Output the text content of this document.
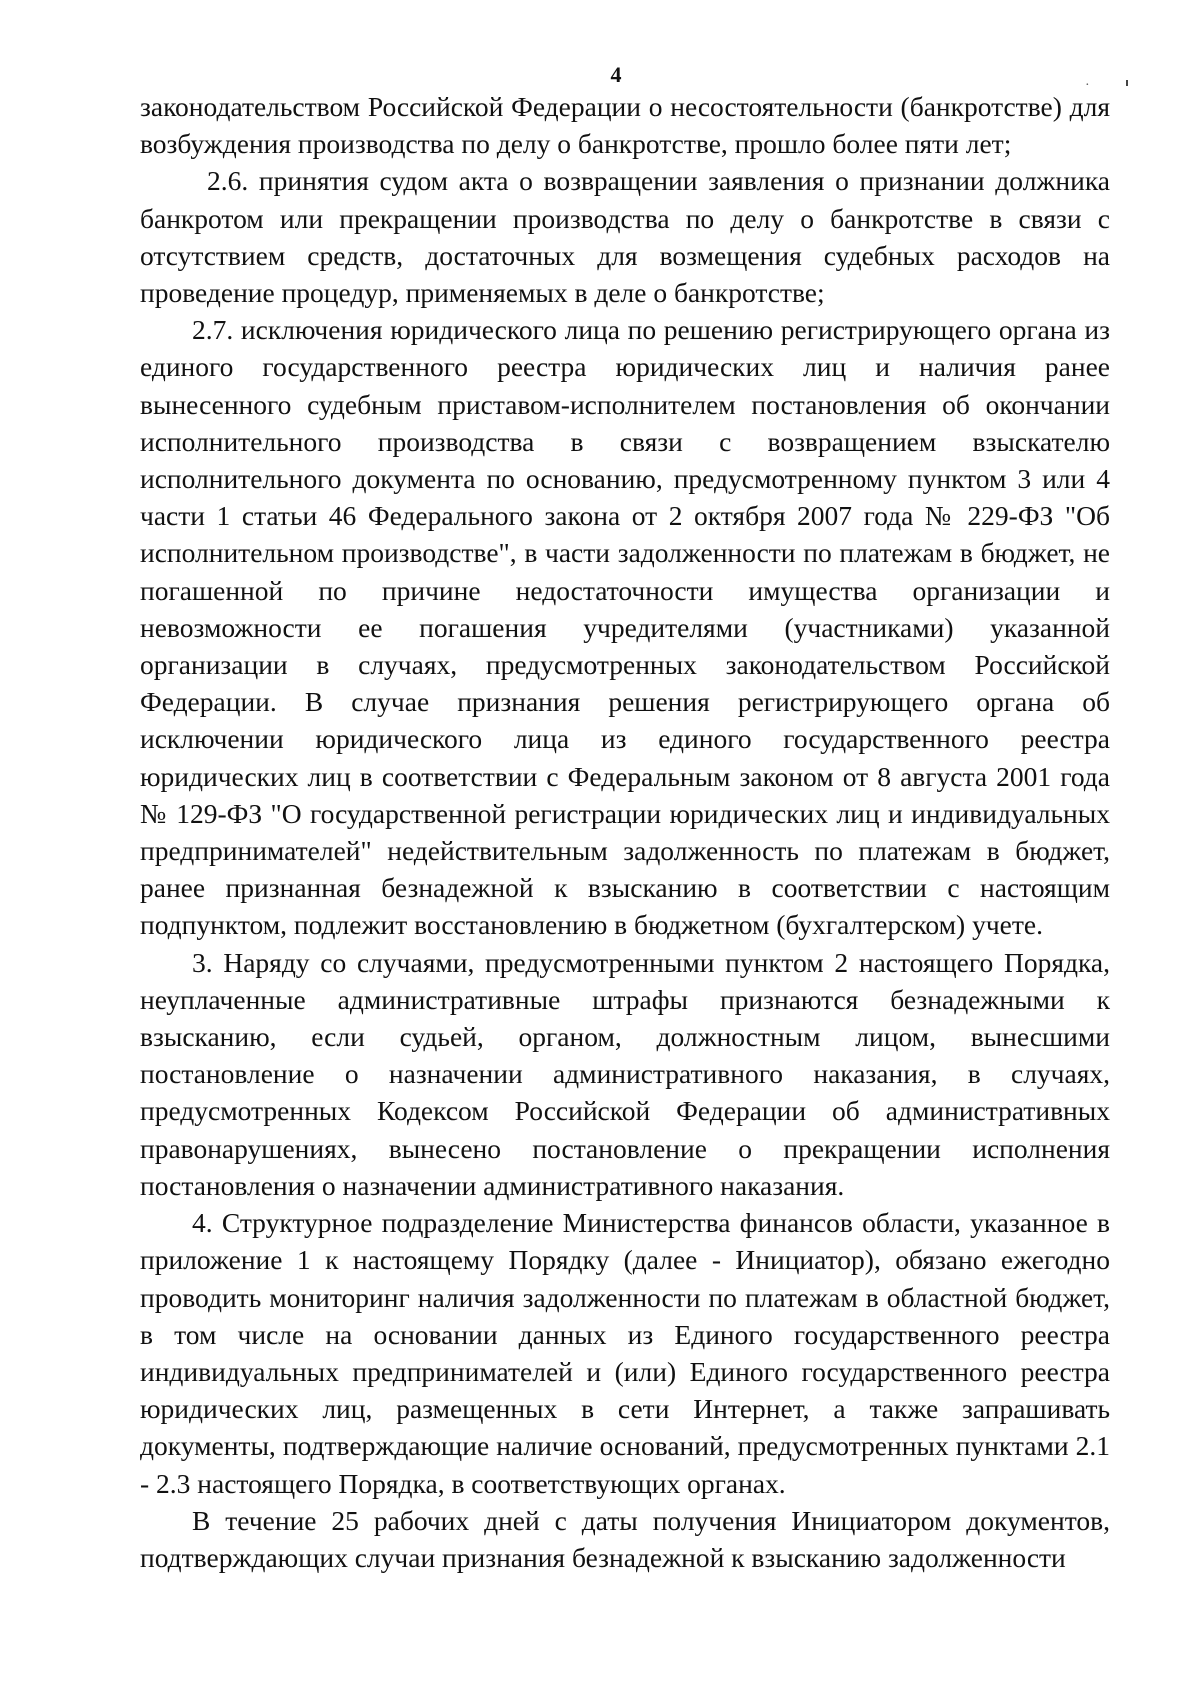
4	·

законодательством Российской Федерации о несостоятельности (банкротстве) для возбуждения производства по делу о банкротстве, прошло более пяти лет;

2.6. принятия судом акта о возвращении заявления о признании должника банкротом или прекращении производства по делу о банкротстве в связи с отсутствием средств, достаточных для возмещения судебных расходов на проведение процедур, применяемых в деле о банкротстве;

2.7. исключения юридического лица по решению регистрирующего органа из единого государственного реестра юридических лиц и наличия ранее вынесенного судебным приставом-исполнителем постановления об окончании исполнительного производства в связи с возвращением взыскателю исполнительного документа по основанию, предусмотренному пунктом 3 или 4 части 1 статьи 46 Федерального закона от 2 октября 2007 года № 229-ФЗ "Об исполнительном производстве", в части задолженности по платежам в бюджет, не погашенной по причине недостаточности имущества организации и невозможности ее погашения учредителями (участниками) указанной организации в случаях, предусмотренных законодательством Российской Федерации. В случае признания решения регистрирующего органа об исключении юридического лица из единого государственного реестра юридических лиц в соответствии с Федеральным законом от 8 августа 2001 года № 129-ФЗ "О государственной регистрации юридических лиц и индивидуальных предпринимателей" недействительным задолженность по платежам в бюджет, ранее признанная безнадежной к взысканию в соответствии с настоящим подпунктом, подлежит восстановлению в бюджетном (бухгалтерском) учете.

3. Наряду со случаями, предусмотренными пунктом 2 настоящего Порядка, неуплаченные административные штрафы признаются безнадежными к взысканию, если судьей, органом, должностным лицом, вынесшими постановление о назначении административного наказания, в случаях, предусмотренных Кодексом Российской Федерации об административных правонарушениях, вынесено постановление о прекращении исполнения постановления о назначении административного наказания.

4. Структурное подразделение Министерства финансов области, указанное в приложение 1 к настоящему Порядку (далее - Инициатор), обязано ежегодно проводить мониторинг наличия задолженности по платежам в областной бюджет, в том числе на основании данных из Единого государственного реестра индивидуальных предпринимателей и (или) Единого государственного реестра юридических лиц, размещенных в сети Интернет, а также запрашивать документы, подтверждающие наличие оснований, предусмотренных пунктами 2.1 - 2.3 настоящего Порядка, в соответствующих органах.

В течение 25 рабочих дней с даты получения Инициатором документов, подтверждающих случаи признания безнадежной к взысканию задолженности
